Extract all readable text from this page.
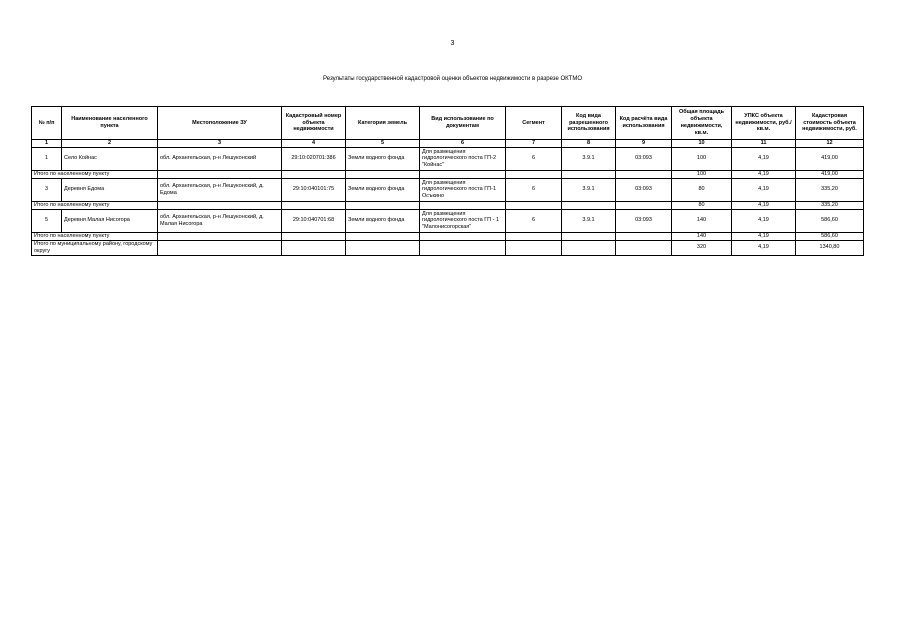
3
Результаты государственной кадастровой оценки объектов недвижимости в разрезе ОКТМО
№ п/п	Наименование населенного пункта	Местоположение ЗУ	Кадастровый номер объекта недвижимости	Категория земель	Вид использование по документам	Сегмент	Код вида разрешенного использования	Код расчёта вида использования	Общая площадь объекта недвижимости, кв.м.	УПКС объекта недвижимости, руб./кв.м.	Кадастровая стоимость объекта недвижимости, руб.
1	2	3	4	5	6	7	8	9	10	11	12
1	Село Койнас	обл. Архангельская, р-н Лешуконский	29:10:020701:386	Земли водного фонда	Для размещения гидрологического поста ГП-2 "Койнас"	6	3.9.1	03:093	100	4,19	419,00
Итого по населенному пункту									100	4,19	419,00
3	Деревня Едома	обл. Архангельская, р-н Лешуконский, д. Едома	29:10:040101:75	Земли водного фонда	Для размещения гидрологического поста ГП-1 Осъкино	6	3.9.1	03:093	80	4,19	335,20
Итого по населенному пункту									80	4,19	335,20
5	Деревня Малая Нисогора	обл. Архангельская, р-н Лешуконский, д. Малая Нисогора	29:10:040701:68	Земли водного фонда	Для размещения гидрологического поста ГП - 1 "Малонисогорская"	6	3.9.1	03:093	140	4,19	586,60
Итого по населенному пункту									140	4,19	586,60
Итого по муниципальному району, городскому округу									320	4,19	1340,80
